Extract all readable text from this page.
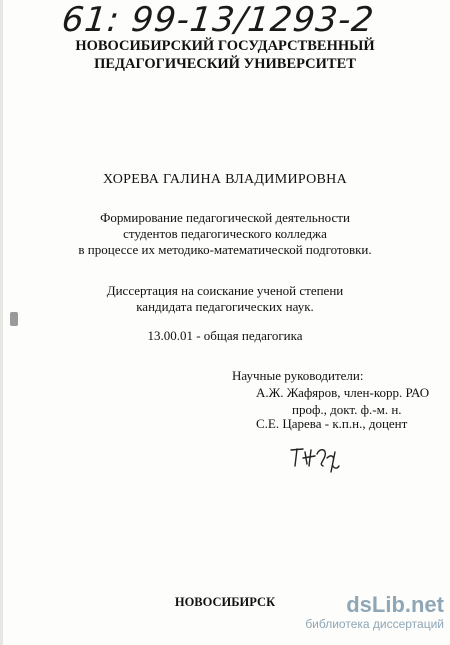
61: 99-13/1293-2
НОВОСИБИРСКИЙ ГОСУДАРСТВЕННЫЙ
ПЕДАГОГИЧЕСКИЙ УНИВЕРСИТЕТ
ХОРЕВА ГАЛИНА ВЛАДИМИРОВНА
Формирование педагогической деятельности
студентов педагогического колледжа
в процессе их методико-математической подготовки.
Диссертация на соискание ученой степени
кандидата педагогических наук.
13.00.01 - общая педагогика
Научные руководители:
А.Ж. Жафяров, член-корр. РАО
проф., докт. ф.-м. н.
С.Е. Царева - к.п.н., доцент
НОВОСИБИРСК	dsLib.net
библиотека диссертаций
